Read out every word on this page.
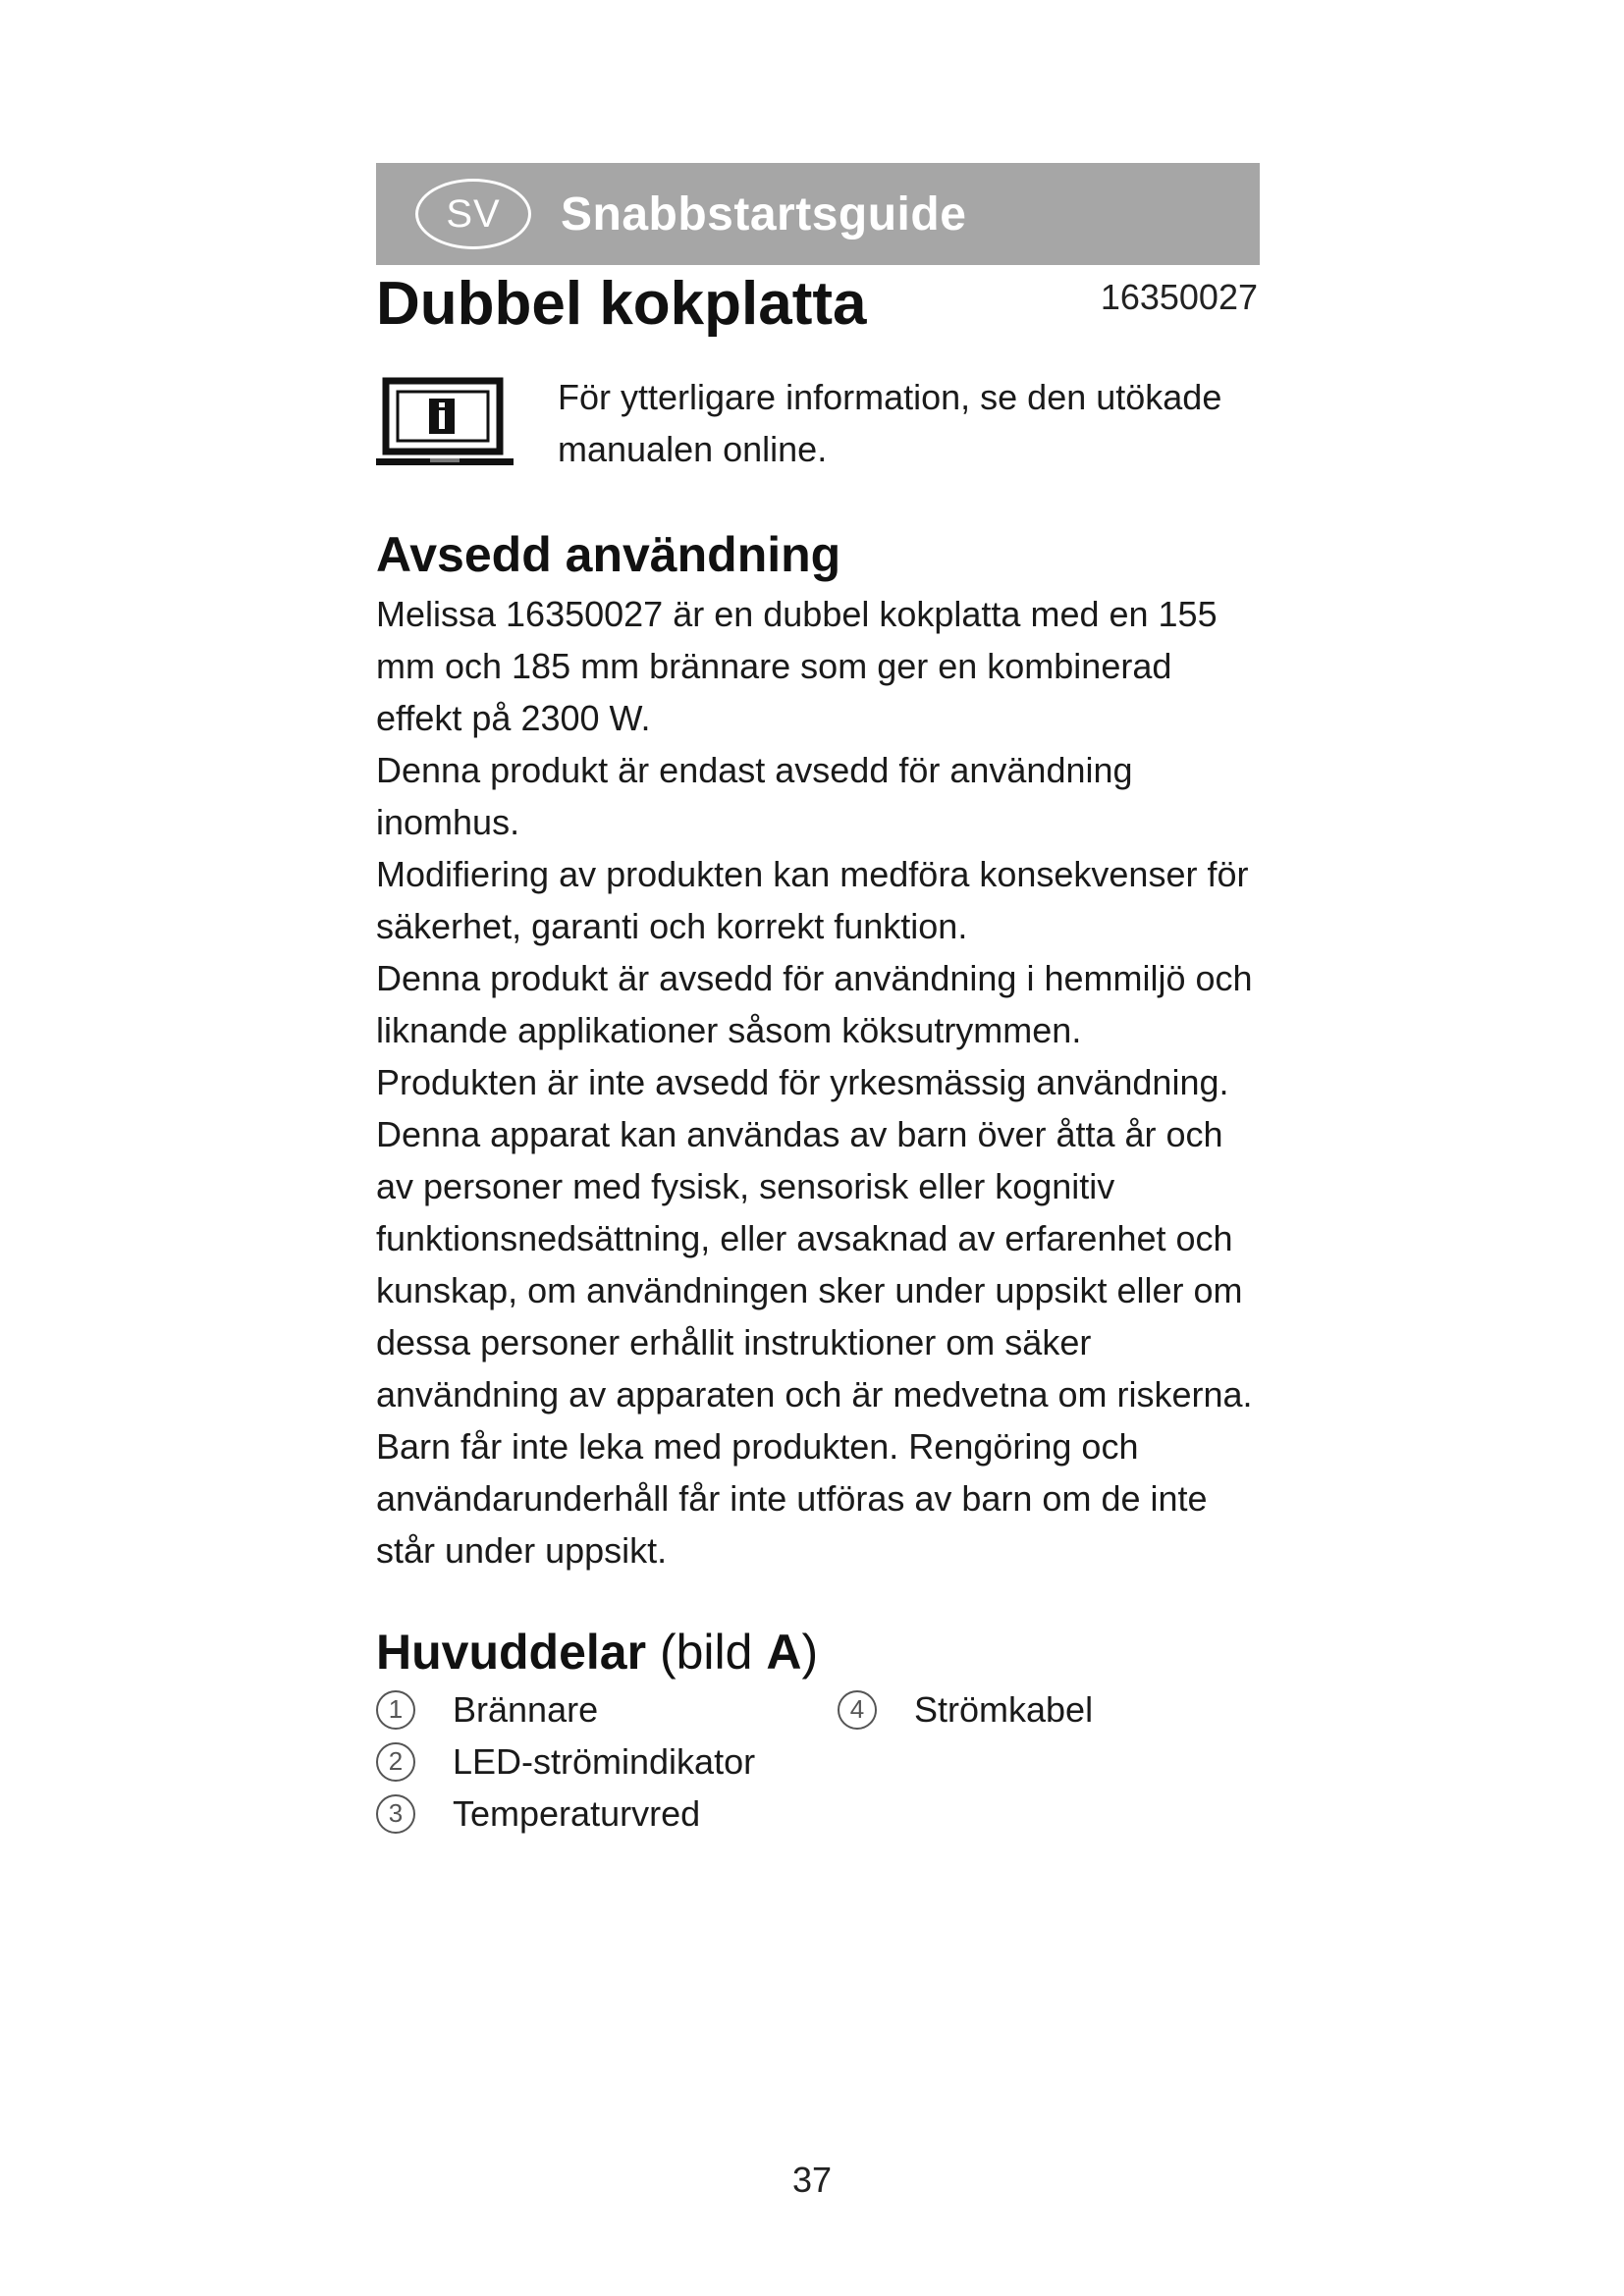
SV	Snabbstartsguide
Dubbel kokplatta	16350027
För ytterligare information, se den utökade manualen online.
Avsedd användning

Melissa 16350027 är en dubbel kokplatta med en 155 mm och 185 mm brännare som ger en kombinerad effekt på 2300 W.

Denna produkt är endast avsedd för användning inomhus.

Modifiering av produkten kan medföra konsekvenser för säkerhet, garanti och korrekt funktion.

Denna produkt är avsedd för användning i hemmiljö och liknande applikationer såsom köksutrymmen.

Produkten är inte avsedd för yrkesmässig användning.

Denna apparat kan användas av barn över åtta år och av personer med fysisk, sensorisk eller kognitiv funktionsnedsättning, eller avsaknad av erfarenhet och kunskap, om användningen sker under uppsikt eller om dessa personer erhållit instruktioner om säker användning av apparaten och är medvetna om riskerna. Barn får inte leka med produkten. Rengöring och användarunderhåll får inte utföras av barn om de inte står under uppsikt.

Huvuddelar (bild A)
1	Brännare
2	LED-strömindikator
3	Temperaturvred
4	Strömkabel
37
